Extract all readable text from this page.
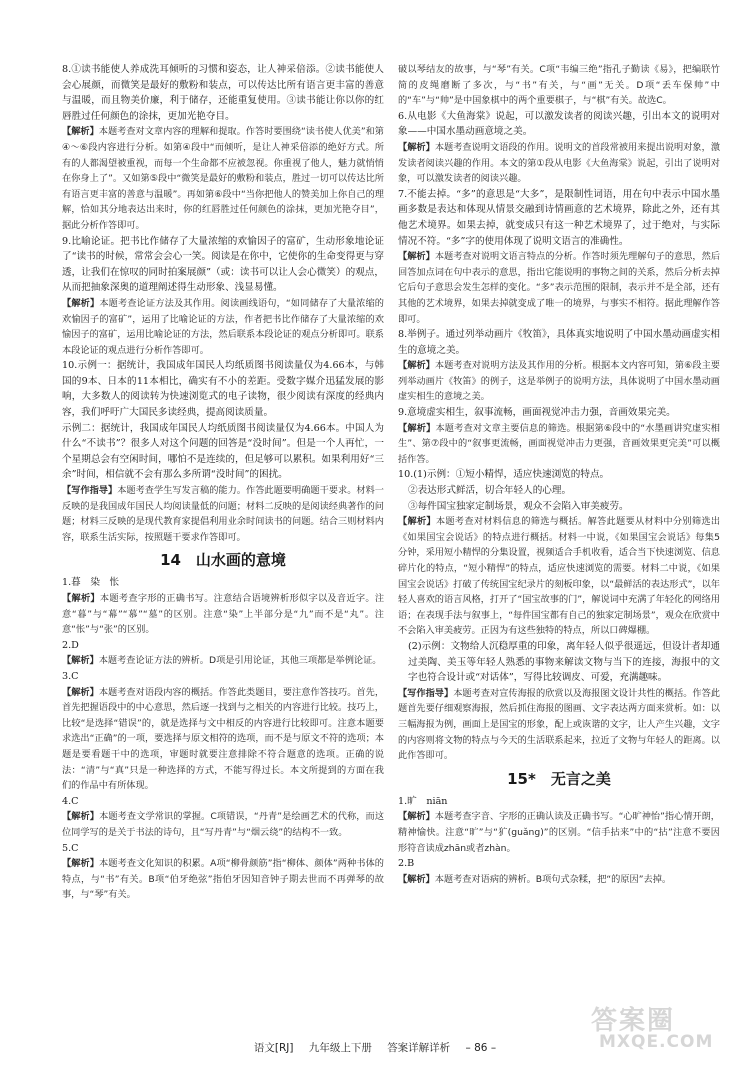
8.①读书能使人养成洗耳倾听的习惯和姿态，让人神采倍添。②读书能使人会心展颜，而微笑是最好的敷粉和装点，可以传达比所有语言更丰富的善意与温暖，而且物美价廉，利于储存，还能重复使用。③读书能让你以你的红唇胜过任何颜色的涂抹，更加光艳夺目。

【解析】本题考查对文章内容的理解和提取。作答时要围绕“读书使人优美”和第④～⑥段内容进行分析。如第④段中“而倾听，是让人神采倍添的绝好方式。所有的人都渴望被重视，而每一个生命都不应被忽视。你重视了他人，魅力就悄悄在你身上了”。又如第⑤段中“微笑是最好的敷粉和装点，胜过一切可以传达比所有语言更丰富的善意与温暖”。再如第⑥段中“当你把他人的赞美加上你自己的理解，恰如其分地表达出来时，你的红唇胜过任何颜色的涂抹，更加光艳夺目”，据此分析作答即可。

9.比喻论证。把书比作储存了大量浓缩的欢愉因子的富矿，生动形象地论证了“读书的时候，常常会会心一笑。阅读是在你中，它使你的生命变得更与穿透，让我们在惊叹的同时拍案展颜”（或：读书可以让人会心微笑）的观点，从而把抽象深奥的道理阐述得生动形象、浅显易懂。

【解析】本题考查论证方法及其作用。阅读画线语句，“如同储存了大量浓缩的欢愉因子的富矿”，运用了比喻论证的方法，作者把书比作储存了大量浓缩的欢愉因子的富矿，运用比喻论证的方法，然后联系本段论证的观点分析即可。联系本段论证的观点进行分析作答即可。

10.示例一：据统计，我国成年国民人均纸质图书阅读量仅为4.66本，与韩国的9本、日本的11本相比，确实有不小的差距。受数字媒介迅猛发展的影响，大多数人的阅读转为快速浏览式的电子读物，很少阅读有深度的经典内容，我们呼吁广大国民多读经典，提高阅读质量。

示例二：据统计，我国成年国民人均纸质图书阅读量仅为4.66本。中国人为什么“不读书”？很多人对这个问题的回答是“没时间”。但是一个人再忙，一个星期总会有空闲时间，哪怕不是连续的，但足够可以累积。如果利用好“三余”时间，相信就不会有那么多所谓“没时间”的困扰。

【写作指导】本题考查学生写发言稿的能力。作答此题要明确题干要求。材料一反映的是我国成年国民人均阅读量低的问题；材料二反映的是阅读经典著作的问题；材料三反映的是现代教育家提倡利用业余时间读书的问题。结合三则材料内容，联系生活实际，按照题干要求作答即可。

14　山水画的意境

1.暮　染　怅

【解析】本题考查字形的正确书写。注意结合语境辨析形似字以及音近字。注意“暮”与“幕”“慕”“墓”的区别。注意“染”上半部分是“九”而不是“丸”。注意“怅”与“张”的区别。

2.D

【解析】本题考查论证方法的辨析。D项是引用论证，其他三项都是举例论证。

3.C

【解析】本题考查对语段内容的概括。作答此类题目，要注意作答技巧。首先，首先把握语段中的中心意思，然后逐一找到与之相关的内容进行比较。技巧上，比较“是选择“错误”的，就是选择与文中相反的内容进行比较即可。注意本题要求选出“正确”的一项，要选择与原文相符的选项，而不是与原文不符的选项；本题是要看题干中的选项，审题时就要注意排除不符合题意的选项。正确的说法：“清”与“真”只是一种选择的方式，不能写得过长。本文所提到的方面在我们的作品中有所体现。

4.C

【解析】本题考查文学常识的掌握。C项错误，“丹青”是绘画艺术的代称，而这位同学写的是关于书法的诗句，且“写丹青”与“烟云绕”的结构不一致。

5.C

【解析】本题考查文化知识的积累。A项“柳骨颜筋”指“柳体、颜体”两种书体的特点，与“书”有关。B项“伯牙绝弦”指伯牙因知音钟子期去世而不再弹琴的故事，与“琴”有关。

破以琴结友的故事，与“琴”有关。C项“韦编三绝”指孔子勤读《易》，把编联竹简的皮绳磨断了多次，与“书”有关，与“画”无关。D项“丢车保帅”中的“车”与“帅”是中国象棋中的两个重要棋子，与“棋”有关。故选C。

6.从电影《大鱼海棠》说起，可以激发读者的阅读兴趣，引出本文的说明对象——中国水墨动画意境之美。

【解析】本题考查说明文语段的作用。说明文的首段常被用来提出说明对象，激发读者阅读兴趣的作用。本文的第①段从电影《大鱼海棠》说起，引出了说明对象，可以激发读者的阅读兴趣。

7.不能去掉。“多”的意思是“大多”，是限制性词语，用在句中表示中国水墨画多数是表达和体现从情景交融到诗情画意的艺术境界，除此之外，还有其他艺术境界。如果去掉，就变成只有这一种艺术境界了，过于绝对，与实际情况不符。“多”字的使用体现了说明文语言的准确性。

【解析】本题考查对说明文语言特点的分析。作答时须先理解句子的意思，然后回答加点词在句中表示的意思，指出它能说明的事物之间的关系，然后分析去掉它后句子意思会发生怎样的变化。“多”表示范围的限制，表示并不是全部，还有其他的艺术境界，如果去掉就变成了唯一的境界，与事实不相符。据此理解作答即可。

8.举例子。通过列举动画片《牧笛》，具体真实地说明了中国水墨动画虚实相生的意境之美。

【解析】本题考查对说明方法及其作用的分析。根据本文内容可知，第⑥段主要列举动画片《牧笛》的例子，这是举例子的说明方法，具体说明了中国水墨动画虚实相生的意境之美。

9.意境虚实相生，叙事流畅，画面视觉冲击力强，音画效果完美。

【解析】本题考查对文章主要信息的筛选。根据第⑥段中的“水墨画讲究虚实相生”、第⑦段中的“叙事更流畅，画面视觉冲击力更强，音画效果更完美”可以概括作答。

10.(1)示例：①短小精悍，适应快速浏览的特点。

②表达形式鲜活，切合年轻人的心理。

③每件国宝独家定制场景，观众不会陷入审美疲劳。

【解析】本题考查对材料信息的筛选与概括。解答此题要从材料中分别筛选出《如果国宝会说话》的特点进行概括。材料一中说，《如果国宝会说话》每集5分钟，采用短小精悍的分集设置，视频适合手机收看，适合当下快速浏览、信息碎片化的特点，“短小精悍”的特点，适应快速浏览的需要。材料二中说，《如果国宝会说话》打破了传统国宝纪录片的刻板印象，以“最鲜活的表达形式”，以年轻人喜欢的语言风格，打开了“国宝故事的门”，解说词中充满了年轻化的网络用语；在表现手法与叙事上，“每件国宝都有自己的独家定制场景”，观众在欣赏中不会陷入审美疲劳。正因为有这些独特的特点，所以口碑爆棚。

(2)示例：文物给人沉稳厚重的印象，离年轻人似乎很遥远，但设计者却通过美陶、美玉等年轻人熟悉的事物来解读文物与当下的连接，海报中的文字也符合设计或“对话体”，写得比较调皮、可爱，充满趣味。

【写作指导】本题考查对宣传海报的欣赏以及海报图文设计共性的概括。作答此题首先要仔细观察海报，然后抓住海报的图画、文字表达两方面来赏析。如：以三幅海报为例，画面上是国宝的形象，配上或诙谐的文字，让人产生兴趣，文字的内容则将文物的特点与今天的生活联系起来，拉近了文物与年轻人的距离。以此作答即可。

15*　无言之美

1.旷　niān

【解析】本题考查字音、字形的正确认读及正确书写。“心旷神怡”指心情开朗，精神愉快。注意“旷”与“犷(guǎng)”的区别。“信手拈来”中的“拈”注意不要因形符音读成zhān或者zhàn。

2.B

【解析】本题考查对语病的辨析。B项句式杂糅，把“的原因”去掉。

语文[RJ] 九年级上下册 答案详解详析 – 86 –
答案圈
MXQE.COM
